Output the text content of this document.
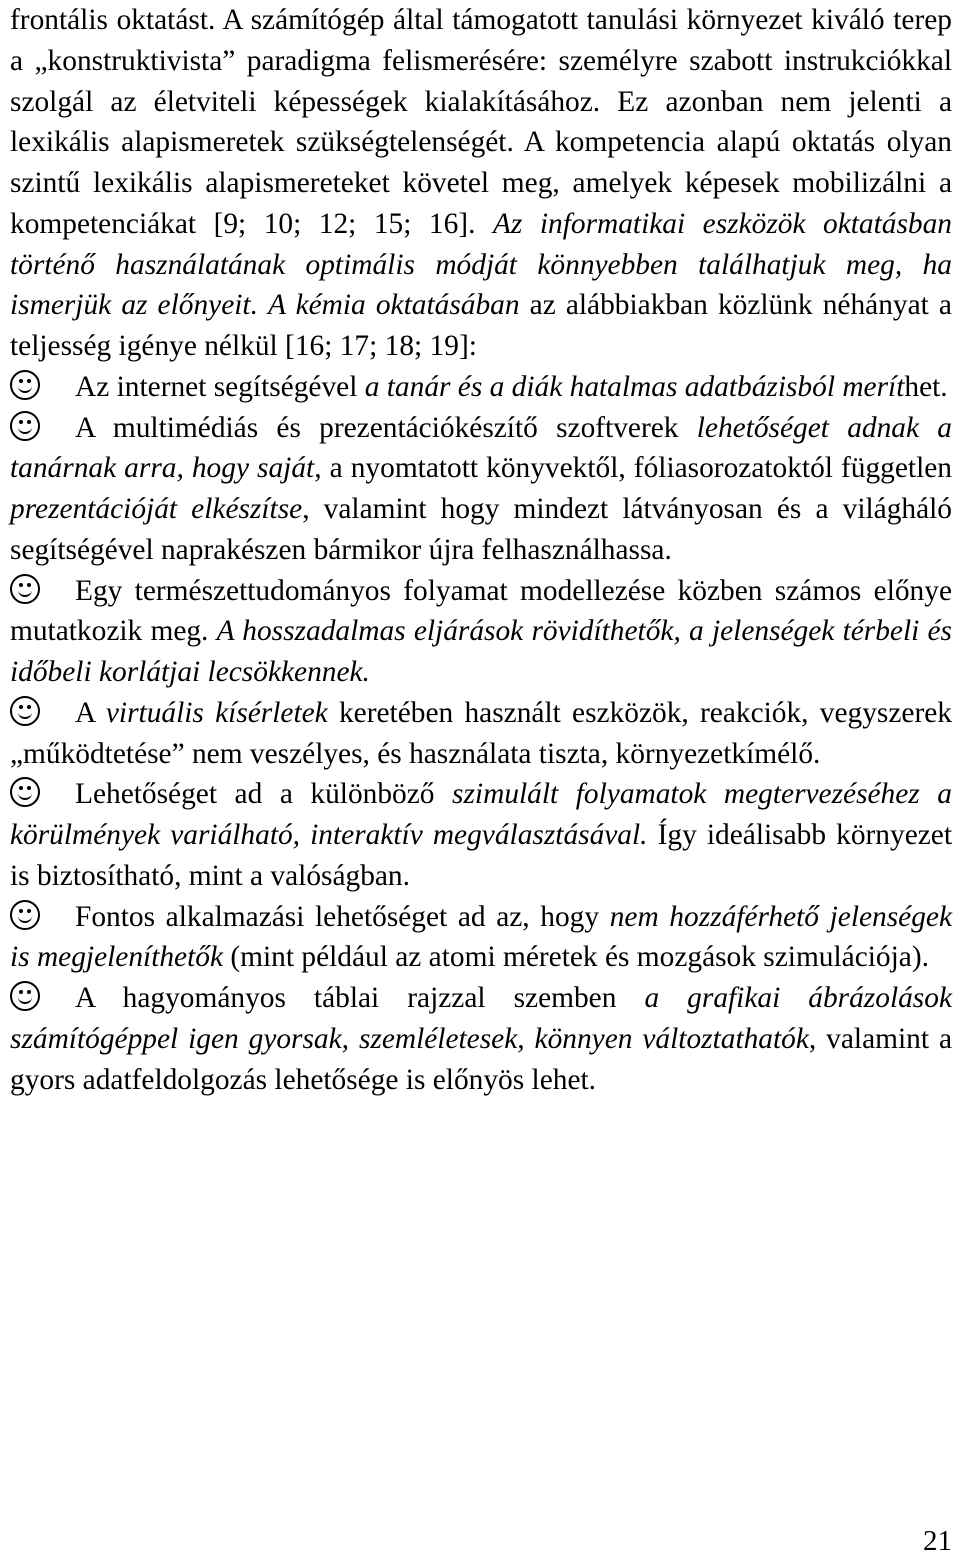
frontális oktatást. A számítógép által támogatott tanulási környezet kiváló terep a „konstruktivista” paradigma felismerésére: személyre szabott instrukciókkal szolgál az életviteli képességek kialakításához. Ez azonban nem jelenti a lexikális alapismeretek szükségtelenségét. A kompetencia alapú oktatás olyan szintű lexikális alapismereteket követel meg, amelyek képesek mobilizálni a kompetenciákat [9; 10; 12; 15; 16]. Az informatikai eszközök oktatásban történő használatának optimális módját könnyebben találhatjuk meg, ha ismerjük az előnyeit. A kémia oktatásában az alábbiakban közlünk néhányat a teljesség igénye nélkül [16; 17; 18; 19]:

Az internet segítségével a tanár és a diák hatalmas adatbázisból meríthet.

A multimédiás és prezentációkészítő szoftverek lehetőséget adnak a tanárnak arra, hogy saját, a nyomtatott könyvektől, fóliasorozatoktól független prezentációját elkészítse, valamint hogy mindezt látványosan és a világháló segítségével naprakészen bármikor újra felhasználhassa.

Egy természettudományos folyamat modellezése közben számos előnye mutatkozik meg. A hosszadalmas eljárások rövidíthetők, a jelenségek térbeli és időbeli korlátjai lecsökkennek.

A virtuális kísérletek keretében használt eszközök, reakciók, vegyszerek „működtetése” nem veszélyes, és használata tiszta, környezetkímélő.

Lehetőséget ad a különböző szimulált folyamatok megtervezéséhez a körülmények variálható, interaktív megválasztásával. Így ideálisabb környezet is biztosítható, mint a valóságban.

Fontos alkalmazási lehetőséget ad az, hogy nem hozzáférhető jelenségek is megjeleníthetők (mint például az atomi méretek és mozgások szimulációja).

A hagyományos táblai rajzzal szemben a grafikai ábrázolások számítógéppel igen gyorsak, szemléletesek, könnyen változtathatók, valamint a gyors adatfeldolgozás lehetősége is előnyös lehet.

21
